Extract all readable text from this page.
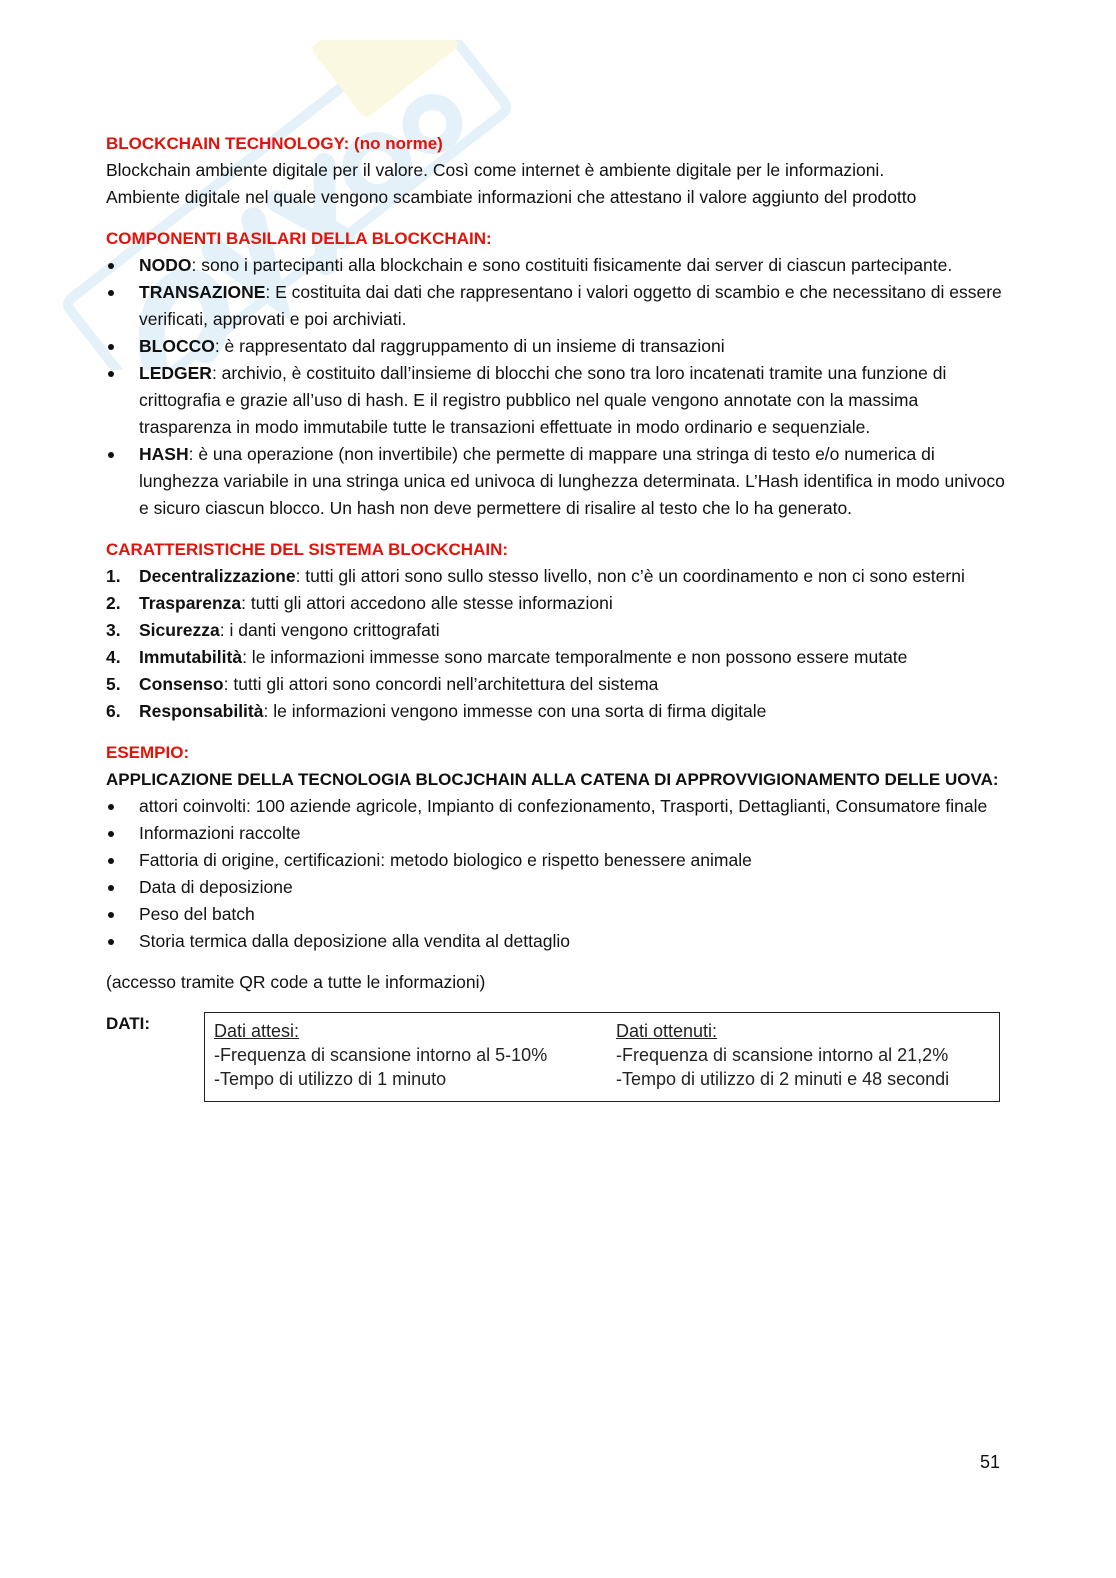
BLOCKCHAIN TECHNOLOGY: (no norme)

Blockchain ambiente digitale per il valore. Così come internet è ambiente digitale per le informazioni.

Ambiente digitale nel quale vengono scambiate informazioni che attestano il valore aggiunto del prodotto

COMPONENTI BASILARI DELLA BLOCKCHAIN:

NODO: sono i partecipanti alla blockchain e sono costituiti fisicamente dai server di ciascun partecipante.
TRANSAZIONE: E costituita dai dati che rappresentano i valori oggetto di scambio e che necessitano di essere verificati, approvati e poi archiviati.
BLOCCO: è rappresentato dal raggruppamento di un insieme di transazioni
LEDGER: archivio, è costituito dall’insieme di blocchi che sono tra loro incatenati tramite una funzione di crittografia e grazie all’uso di hash. E il registro pubblico nel quale vengono annotate con la massima trasparenza in modo immutabile tutte le transazioni effettuate in modo ordinario e sequenziale.
HASH: è una operazione (non invertibile) che permette di mappare una stringa di testo e/o numerica di lunghezza variabile in una stringa unica ed univoca di lunghezza determinata. L’Hash identifica in modo univoco e sicuro ciascun blocco. Un hash non deve permettere di risalire al testo che lo ha generato.

CARATTERISTICHE DEL SISTEMA BLOCKCHAIN:

1. Decentralizzazione: tutti gli attori sono sullo stesso livello, non c’è un coordinamento e non ci sono esterni
2. Trasparenza: tutti gli attori accedono alle stesse informazioni
3. Sicurezza: i danti vengono crittografati
4. Immutabilità: le informazioni immesse sono marcate temporalmente e non possono essere mutate
5. Consenso: tutti gli attori sono concordi nell’architettura del sistema
6. Responsabilità: le informazioni vengono immesse con una sorta di firma digitale

ESEMPIO:

APPLICAZIONE DELLA TECNOLOGIA BLOCJCHAIN ALLA CATENA DI APPROVVIGIONAMENTO DELLE UOVA:

attori coinvolti: 100 aziende agricole, Impianto di confezionamento, Trasporti, Dettaglianti, Consumatore finale
Informazioni raccolte
Fattoria di origine, certificazioni: metodo biologico e rispetto benessere animale
Data di deposizione
Peso del batch
Storia termica dalla deposizione alla vendita al dettaglio

(accesso tramite QR code a tutte le informazioni)

DATI:	Dati attesi:
-Frequenza di scansione intorno al 5-10%
-Tempo di utilizzo di 1 minuto
Dati ottenuti:
-Frequenza di scansione intorno al 21,2%
-Tempo di utilizzo di 2 minuti e 48 secondi
51
